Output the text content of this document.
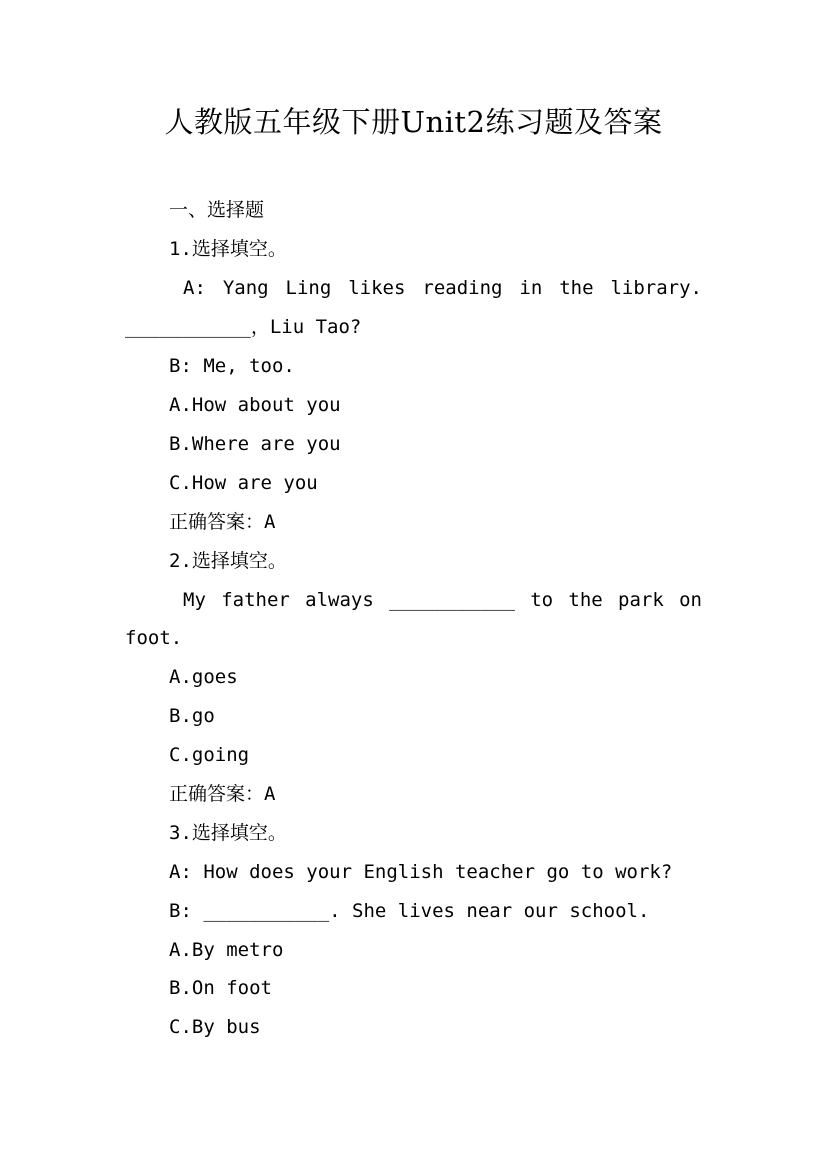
人教版五年级下册Unit2练习题及答案
一、选择题
1.选择填空。
A: Yang Ling likes reading in the library.
___________，Liu Tao?
B: Me, too.
A.How about you
B.Where are you
C.How are you
正确答案：A
2.选择填空。
My father always ___________ to the park on
foot.
A.goes
B.go
C.going
正确答案：A
3.选择填空。
A: How does your English teacher go to work?
B: ___________. She lives near our school.
A.By metro
B.On foot
C.By bus
